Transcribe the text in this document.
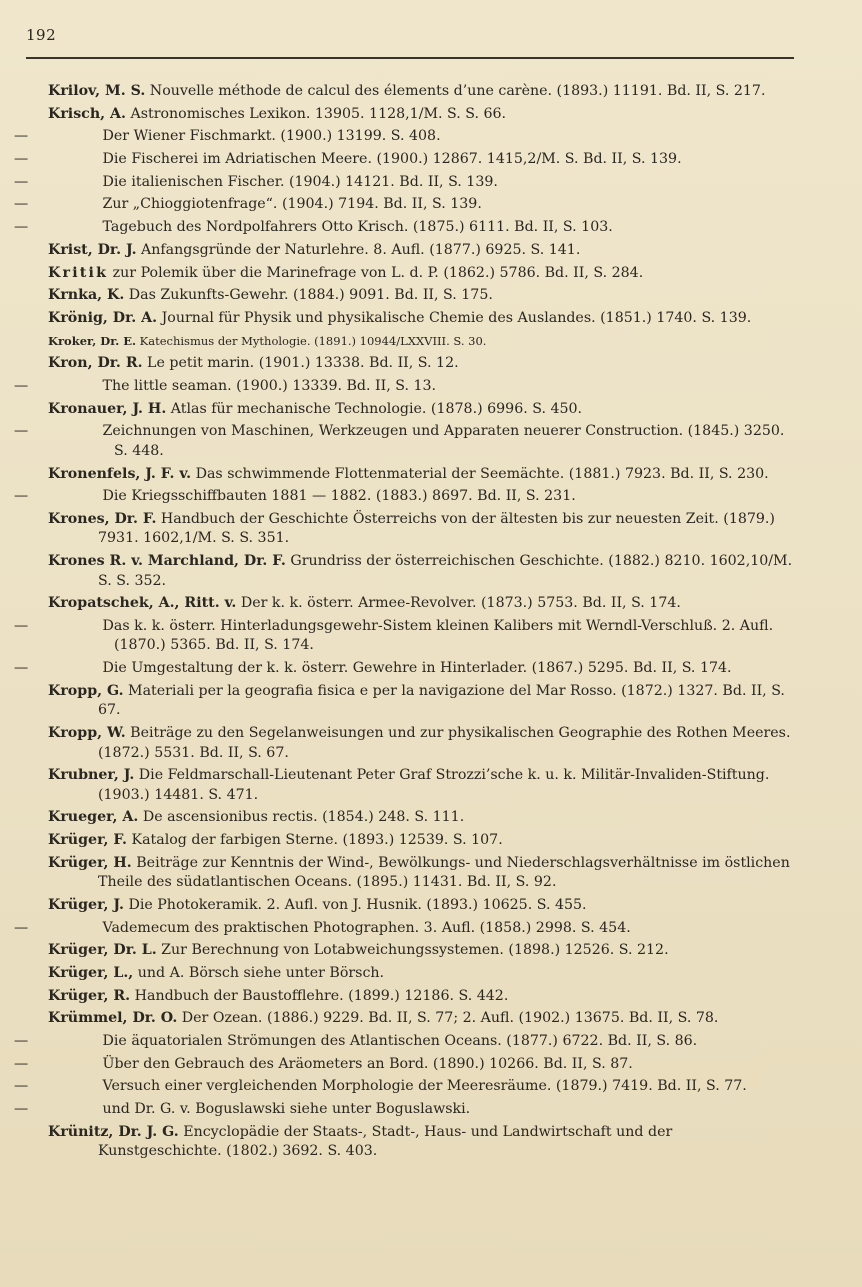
192

Krilov, M. S. Nouvelle méthode de calcul des élements d’une carène. (1893.) 11191. Bd. II, S. 217.

Krisch, A. Astronomisches Lexikon. 13905. 1128,1/M. S. S. 66.

—	Der Wiener Fischmarkt. (1900.) 13199. S. 408.

—	Die Fischerei im Adriatischen Meere. (1900.) 12867. 1415,2/M. S. Bd. II, S. 139.

—	Die italienischen Fischer. (1904.) 14121. Bd. II, S. 139.

—	Zur „Chioggiotenfrage“. (1904.) 7194. Bd. II, S. 139.

—	Tagebuch des Nordpolfahrers Otto Krisch. (1875.) 6111. Bd. II, S. 103.

Krist, Dr. J. Anfangsgründe der Naturlehre. 8. Aufl. (1877.) 6925. S. 141.

Kritik zur Polemik über die Marinefrage von L. d. P. (1862.) 5786. Bd. II, S. 284.

Krnka, K. Das Zukunfts-Gewehr. (1884.) 9091. Bd. II, S. 175.

Krönig, Dr. A. Journal für Physik und physikalische Chemie des Auslandes. (1851.) 1740. S. 139.

Kroker, Dr. E. Katechismus der Mythologie. (1891.) 10944/LXXVIII. S. 30.

Kron, Dr. R. Le petit marin. (1901.) 13338. Bd. II, S. 12.

—	The little seaman. (1900.) 13339. Bd. II, S. 13.

Kronauer, J. H. Atlas für mechanische Technologie. (1878.) 6996. S. 450.

—	Zeichnungen von Maschinen, Werkzeugen und Apparaten neuerer Construction. (1845.) 3250. S. 448.

Kronenfels, J. F. v. Das schwimmende Flottenmaterial der Seemächte. (1881.) 7923. Bd. II, S. 230.

—	Die Kriegsschiffbauten 1881 — 1882. (1883.) 8697. Bd. II, S. 231.

Krones, Dr. F. Handbuch der Geschichte Österreichs von der ältesten bis zur neuesten Zeit. (1879.) 7931. 1602,1/M. S. S. 351.

Krones R. v. Marchland, Dr. F. Grundriss der österreichischen Geschichte. (1882.) 8210. 1602,10/M. S. S. 352.

Kropatschek, A., Ritt. v. Der k. k. österr. Armee-Revolver. (1873.) 5753. Bd. II, S. 174.

—	Das k. k. österr. Hinterladungsgewehr-Sistem kleinen Kalibers mit Werndl-Verschluß. 2. Aufl. (1870.) 5365. Bd. II, S. 174.

—	Die Umgestaltung der k. k. österr. Gewehre in Hinterlader. (1867.) 5295. Bd. II, S. 174.

Kropp, G. Materiali per la geografia fisica e per la navigazione del Mar Rosso. (1872.) 1327. Bd. II, S. 67.

Kropp, W. Beiträge zu den Segelanweisungen und zur physikalischen Geographie des Rothen Meeres. (1872.) 5531. Bd. II, S. 67.

Krubner, J. Die Feldmarschall-Lieutenant Peter Graf Strozzi’sche k. u. k. Militär-Invaliden-Stiftung. (1903.) 14481. S. 471.

Krueger, A. De ascensionibus rectis. (1854.) 248. S. 111.

Krüger, F. Katalog der farbigen Sterne. (1893.) 12539. S. 107.

Krüger, H. Beiträge zur Kenntnis der Wind-, Bewölkungs- und Niederschlagsverhältnisse im östlichen Theile des südatlantischen Oceans. (1895.) 11431. Bd. II, S. 92.

Krüger, J. Die Photokeramik. 2. Aufl. von J. Husnik. (1893.) 10625. S. 455.

—	Vademecum des praktischen Photographen. 3. Aufl. (1858.) 2998. S. 454.

Krüger, Dr. L. Zur Berechnung von Lotabweichungssystemen. (1898.) 12526. S. 212.

Krüger, L., und A. Börsch siehe unter Börsch.

Krüger, R. Handbuch der Baustofflehre. (1899.) 12186. S. 442.

Krümmel, Dr. O. Der Ozean. (1886.) 9229. Bd. II, S. 77; 2. Aufl. (1902.) 13675. Bd. II, S. 78.

—	Die äquatorialen Strömungen des Atlantischen Oceans. (1877.) 6722. Bd. II, S. 86.

—	Über den Gebrauch des Aräometers an Bord. (1890.) 10266. Bd. II, S. 87.

—	Versuch einer vergleichenden Morphologie der Meeresräume. (1879.) 7419. Bd. II, S. 77.

—	und Dr. G. v. Boguslawski siehe unter Boguslawski.

Krünitz, Dr. J. G. Encyclopädie der Staats-, Stadt-, Haus- und Landwirtschaft und der Kunstgeschichte. (1802.) 3692. S. 403.
